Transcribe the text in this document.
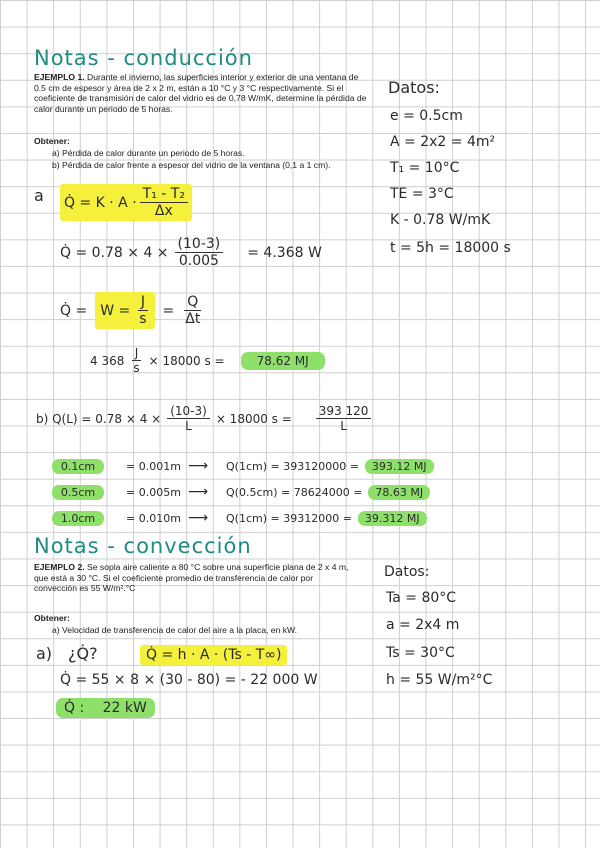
Notas - conducción
EJEMPLO 1. Durante el invierno, las superficies interior y exterior de una ventana de 0.5 cm de espesor y área de 2 x 2 m, están a 10 °C y 3 °C respectivamente. Si el coeficiente de transmisión de calor del vidrio es de 0,78 W/mK, determine la pérdida de calor durante un periodo de 5 horas.
Obtener:
a) Pérdida de calor durante un periodo de 5 horas.
b) Pérdida de calor frente a espesor del vidrio de la ventana (0,1 a 1 cm).
Datos:
e = 0.5cm
A = 2x2 = 4m²
T₁ = 10°C
TE = 3°C
K - 0.78 W/mK
t = 5h = 18000 s
a Q̇ = $K \cdot A \cdot \frac{\text{T₁ - T₂}}{\Delta x}$
Q̇ = $0.78 \times 4 \times \frac{(10-3)}{0.005} = 4.368$ W
Q̇ = $W = \frac{J}{s} = \frac{Q}{\Delta t}$
4 $368 \frac{J}{s} \times 18000$ s =	78.62 MJ
b) $Q(L) = 0.78 \times 4 \times \frac{(10-3)}{L} \times 18000$ $s = \frac{393 120}{L}$
0.1cm	= 0.001m ⟶	Q(1cm) = 393120000 =	393.12 MJ
0.5cm	= 0.005m ⟶	Q(0.5cm) = 78624000 =	78.63 MJ
1.0cm	= 0.010m ⟶	Q(1cm) = 39312000 =	39.312 MJ
Notas - convección
EJEMPLO 2. Se sopla aire caliente a 80 °C sobre una superficie plana de 2 x 4 m, que está a 30 °C. Si el coeficiente promedio de transferencia de calor por convección es 55 W/m².°C
Obtener:
a) Velocidad de transferencia de calor del aire a la placa, en kW.
Datos:
Ta = 80°C
a = 2x4 m
Ts = 30°C
h = 55 W/m²°C
a) ¿Q̇?	Q̇ = h · A · (Ts - T∞)
Q̇ = 55 × 8 × (30 - 80) = - 22 000 W
Q̇ : 22 kW
